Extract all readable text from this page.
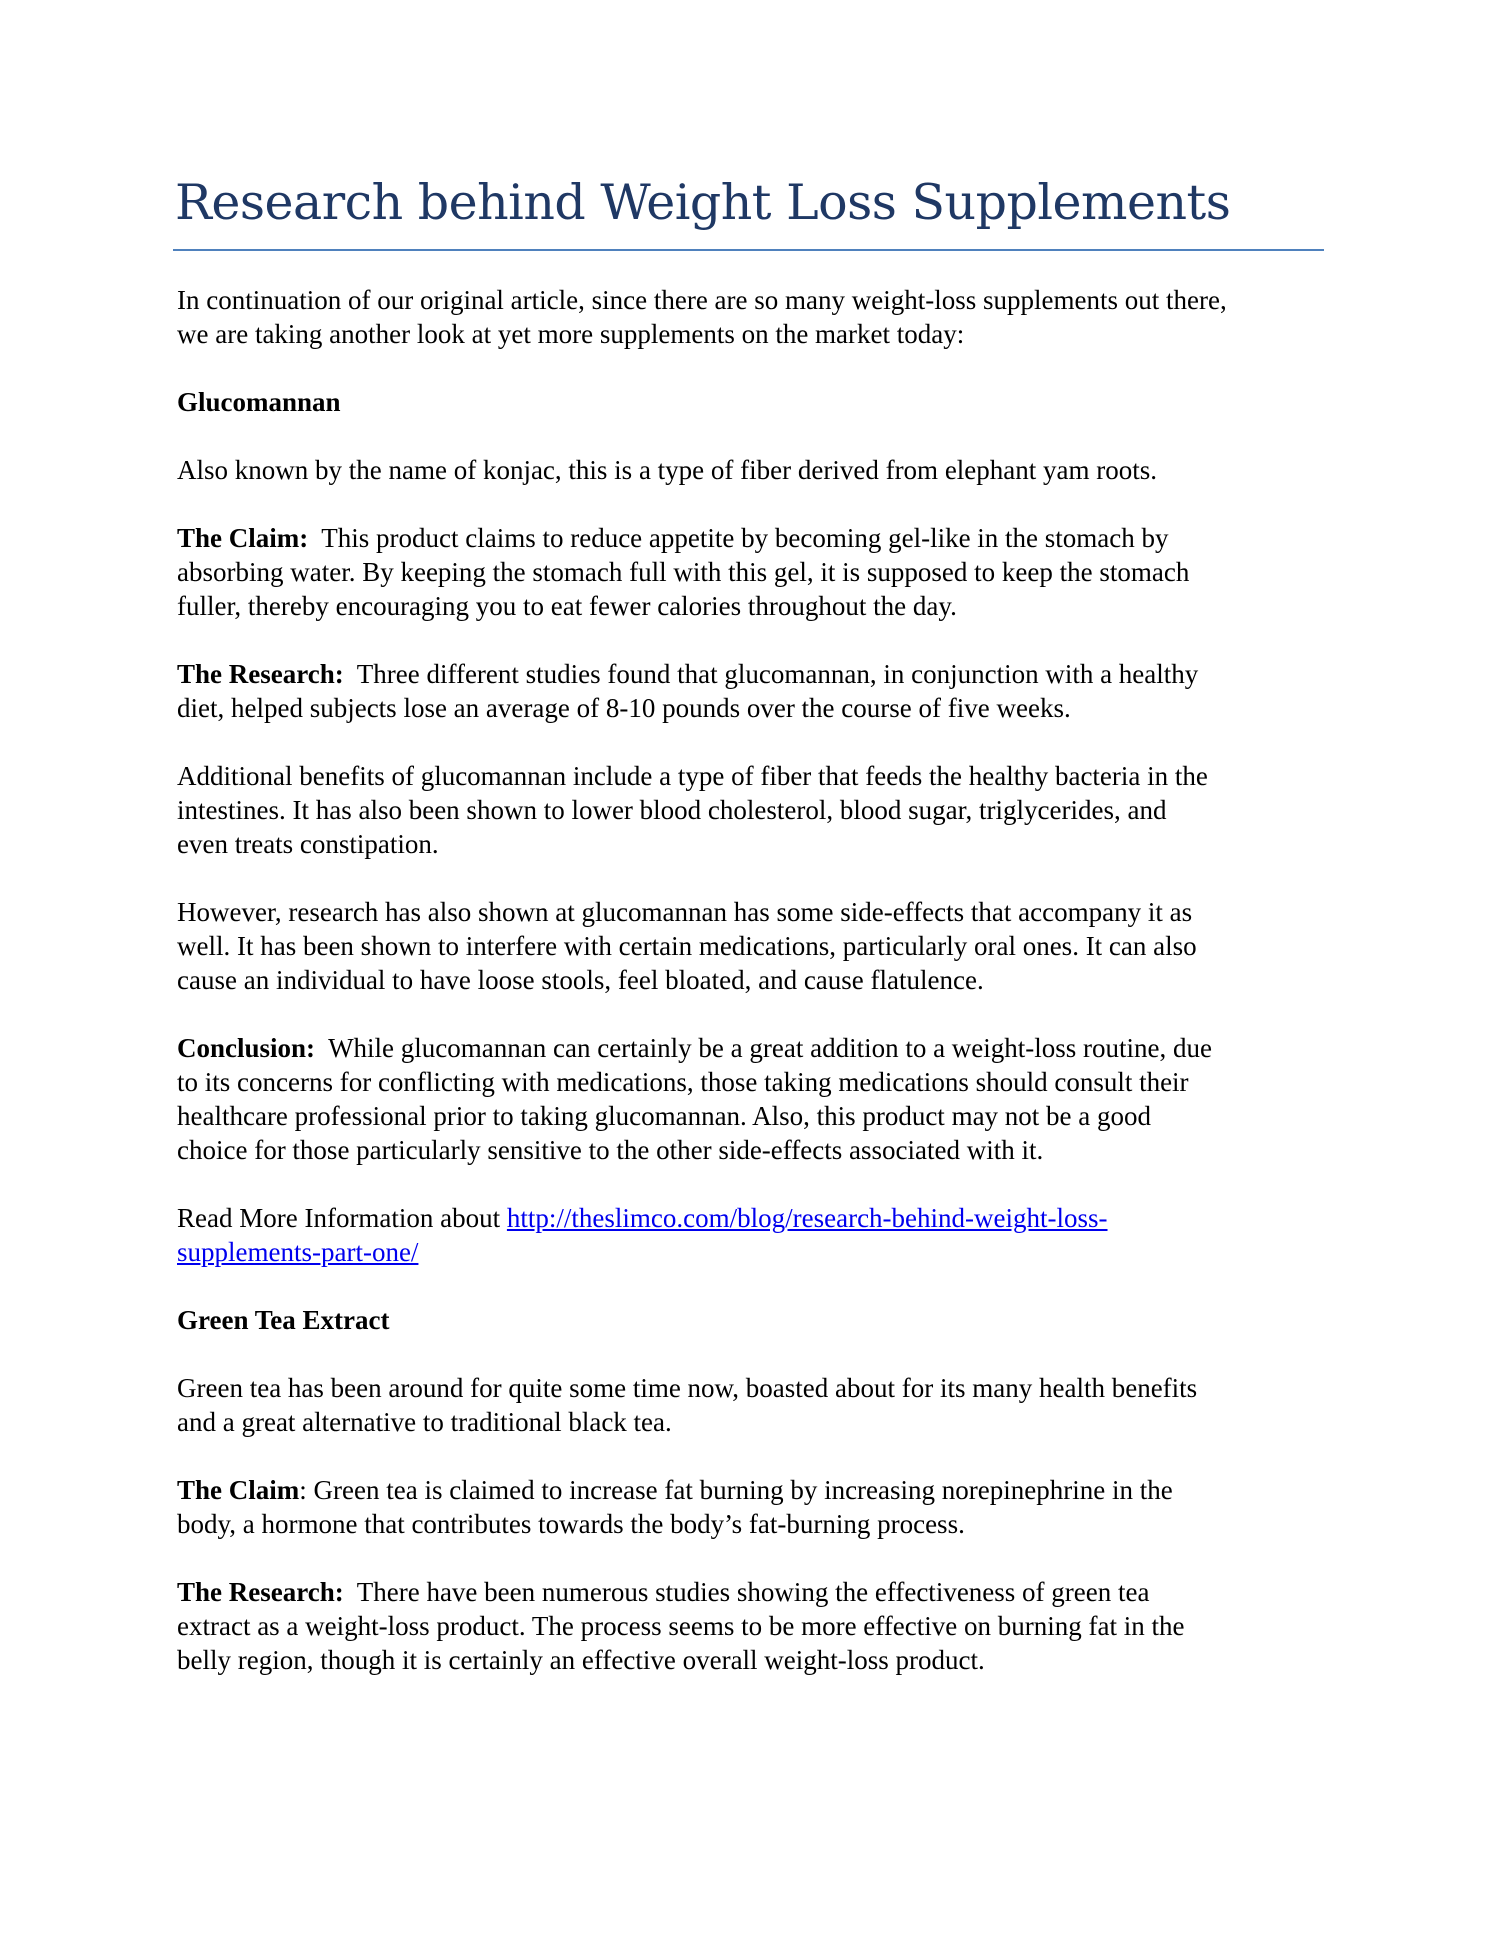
Research behind Weight Loss Supplements

In continuation of our original article, since there are so many weight-loss supplements out there,
we are taking another look at yet more supplements on the market today:

Glucomannan

Also known by the name of konjac, this is a type of fiber derived from elephant yam roots.

The Claim: This product claims to reduce appetite by becoming gel-like in the stomach by
absorbing water. By keeping the stomach full with this gel, it is supposed to keep the stomach
fuller, thereby encouraging you to eat fewer calories throughout the day.

The Research: Three different studies found that glucomannan, in conjunction with a healthy
diet, helped subjects lose an average of 8-10 pounds over the course of five weeks.

Additional benefits of glucomannan include a type of fiber that feeds the healthy bacteria in the
intestines. It has also been shown to lower blood cholesterol, blood sugar, triglycerides, and
even treats constipation.

However, research has also shown at glucomannan has some side-effects that accompany it as
well. It has been shown to interfere with certain medications, particularly oral ones. It can also
cause an individual to have loose stools, feel bloated, and cause flatulence.

Conclusion: While glucomannan can certainly be a great addition to a weight-loss routine, due
to its concerns for conflicting with medications, those taking medications should consult their
healthcare professional prior to taking glucomannan. Also, this product may not be a good
choice for those particularly sensitive to the other side-effects associated with it.

Read More Information about http://theslimco.com/blog/research-behind-weight-loss-
supplements-part-one/

Green Tea Extract

Green tea has been around for quite some time now, boasted about for its many health benefits
and a great alternative to traditional black tea.

The Claim: Green tea is claimed to increase fat burning by increasing norepinephrine in the
body, a hormone that contributes towards the body’s fat-burning process.

The Research: There have been numerous studies showing the effectiveness of green tea
extract as a weight-loss product. The process seems to be more effective on burning fat in the
belly region, though it is certainly an effective overall weight-loss product.
